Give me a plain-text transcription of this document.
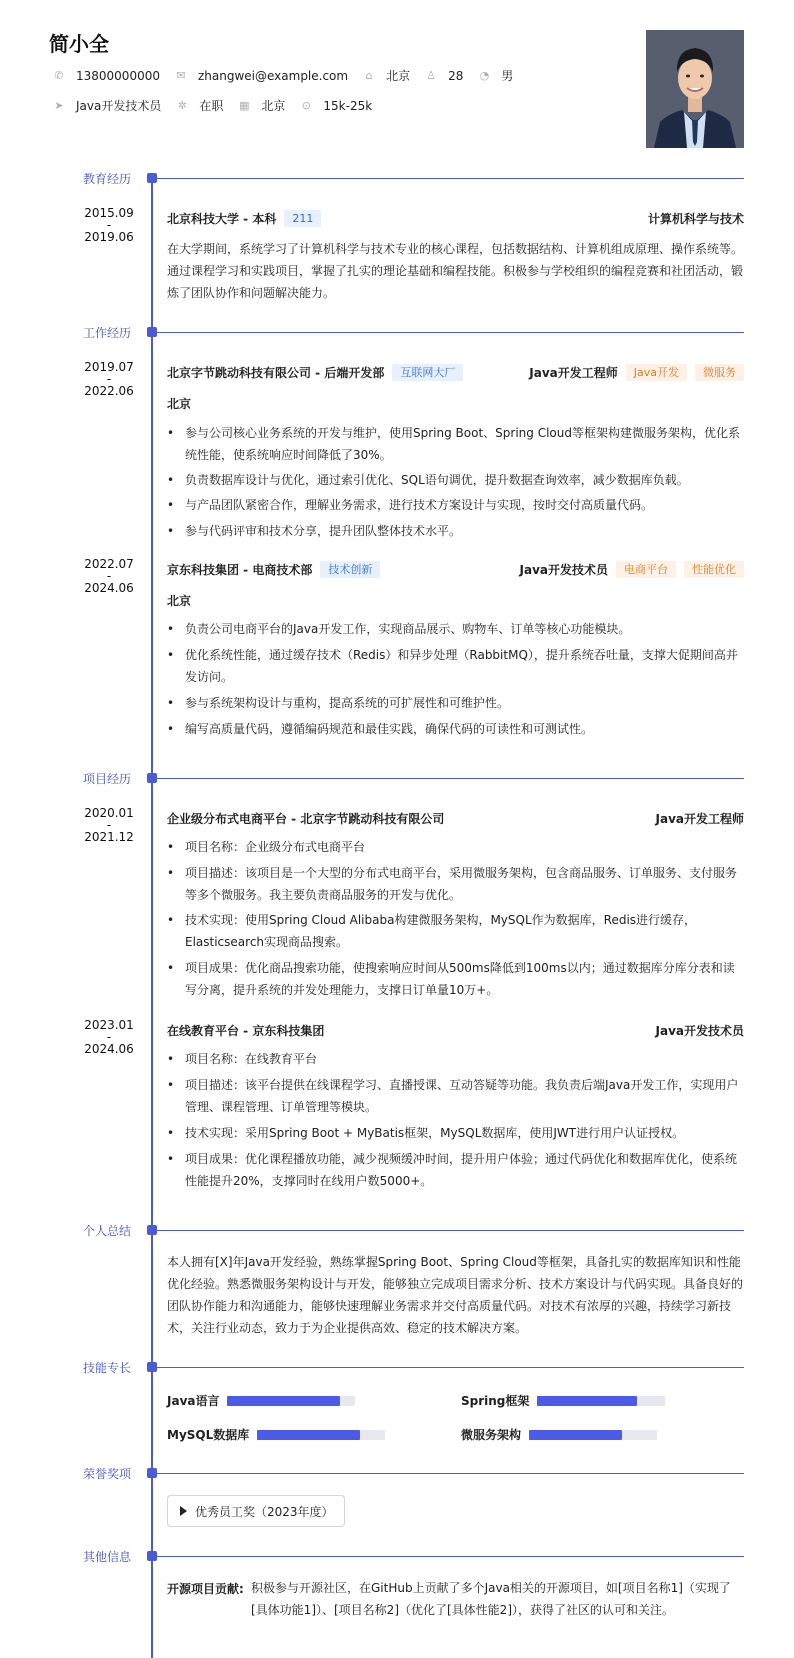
简小全
✆ 13800000000 ✉ zhangwei@example.com	⌂ 北京 ♙ 28 ◔ 男
➤ Java开发技术员 ✲ 在职 ▦ 北京 ⊙ 15k-25k
教育经历
2015.09
-
2019.06
北京科技大学 - 本科	211	计算机科学与技术
在大学期间，系统学习了计算机科学与技术专业的核心课程，包括数据结构、计算机组成原理、操作系统等。通过课程学习和实践项目，掌握了扎实的理论基础和编程技能。积极参与学校组织的编程竞赛和社团活动，锻炼了团队协作和问题解决能力。
工作经历
2019.07
-
2022.06
北京字节跳动科技有限公司 - 后端开发部	互联网大厂	Java开发工程师	Java开发	微服务
北京
• 参与公司核心业务系统的开发与维护，使用Spring Boot、Spring Cloud等框架构建微服务架构，优化系统性能，使系统响应时间降低了30%。
• 负责数据库设计与优化，通过索引优化、SQL语句调优，提升数据查询效率，减少数据库负载。
• 与产品团队紧密合作，理解业务需求，进行技术方案设计与实现，按时交付高质量代码。
• 参与代码评审和技术分享，提升团队整体技术水平。
2022.07
-
2024.06
京东科技集团 - 电商技术部	技术创新	Java开发技术员	电商平台	性能优化
北京
• 负责公司电商平台的Java开发工作，实现商品展示、购物车、订单等核心功能模块。
• 优化系统性能，通过缓存技术（Redis）和异步处理（RabbitMQ），提升系统吞吐量，支撑大促期间高并发访问。
• 参与系统架构设计与重构，提高系统的可扩展性和可维护性。
• 编写高质量代码，遵循编码规范和最佳实践，确保代码的可读性和可测试性。
项目经历
2020.01
-
2021.12
企业级分布式电商平台 - 北京字节跳动科技有限公司	Java开发工程师
• 项目名称：企业级分布式电商平台
• 项目描述：该项目是一个大型的分布式电商平台，采用微服务架构，包含商品服务、订单服务、支付服务等多个微服务。我主要负责商品服务的开发与优化。
• 技术实现：使用Spring Cloud Alibaba构建微服务架构，MySQL作为数据库，Redis进行缓存，Elasticsearch实现商品搜索。
• 项目成果：优化商品搜索功能，使搜索响应时间从500ms降低到100ms以内；通过数据库分库分表和读写分离，提升系统的并发处理能力，支撑日订单量10万+。
2023.01
-
2024.06
在线教育平台 - 京东科技集团	Java开发技术员
• 项目名称：在线教育平台
• 项目描述：该平台提供在线课程学习、直播授课、互动答疑等功能。我负责后端Java开发工作，实现用户管理、课程管理、订单管理等模块。
• 技术实现：采用Spring Boot + MyBatis框架，MySQL数据库，使用JWT进行用户认证授权。
• 项目成果：优化课程播放功能，减少视频缓冲时间，提升用户体验；通过代码优化和数据库优化，使系统性能提升20%，支撑同时在线用户数5000+。
个人总结
本人拥有[X]年Java开发经验，熟练掌握Spring Boot、Spring Cloud等框架，具备扎实的数据库知识和性能优化经验。熟悉微服务架构设计与开发，能够独立完成项目需求分析、技术方案设计与代码实现。具备良好的团队协作能力和沟通能力，能够快速理解业务需求并交付高质量代码。对技术有浓厚的兴趣，持续学习新技术，关注行业动态，致力于为企业提供高效、稳定的技术解决方案。
技能专长
Java语言	Spring框架
MySQL数据库	微服务架构
荣誉奖项
优秀员工奖（2023年度）
其他信息
开源项目贡献: 积极参与开源社区，在GitHub上贡献了多个Java相关的开源项目，如[项目名称1]（实现了[具体功能1]）、[项目名称2]（优化了[具体性能2]），获得了社区的认可和关注。
